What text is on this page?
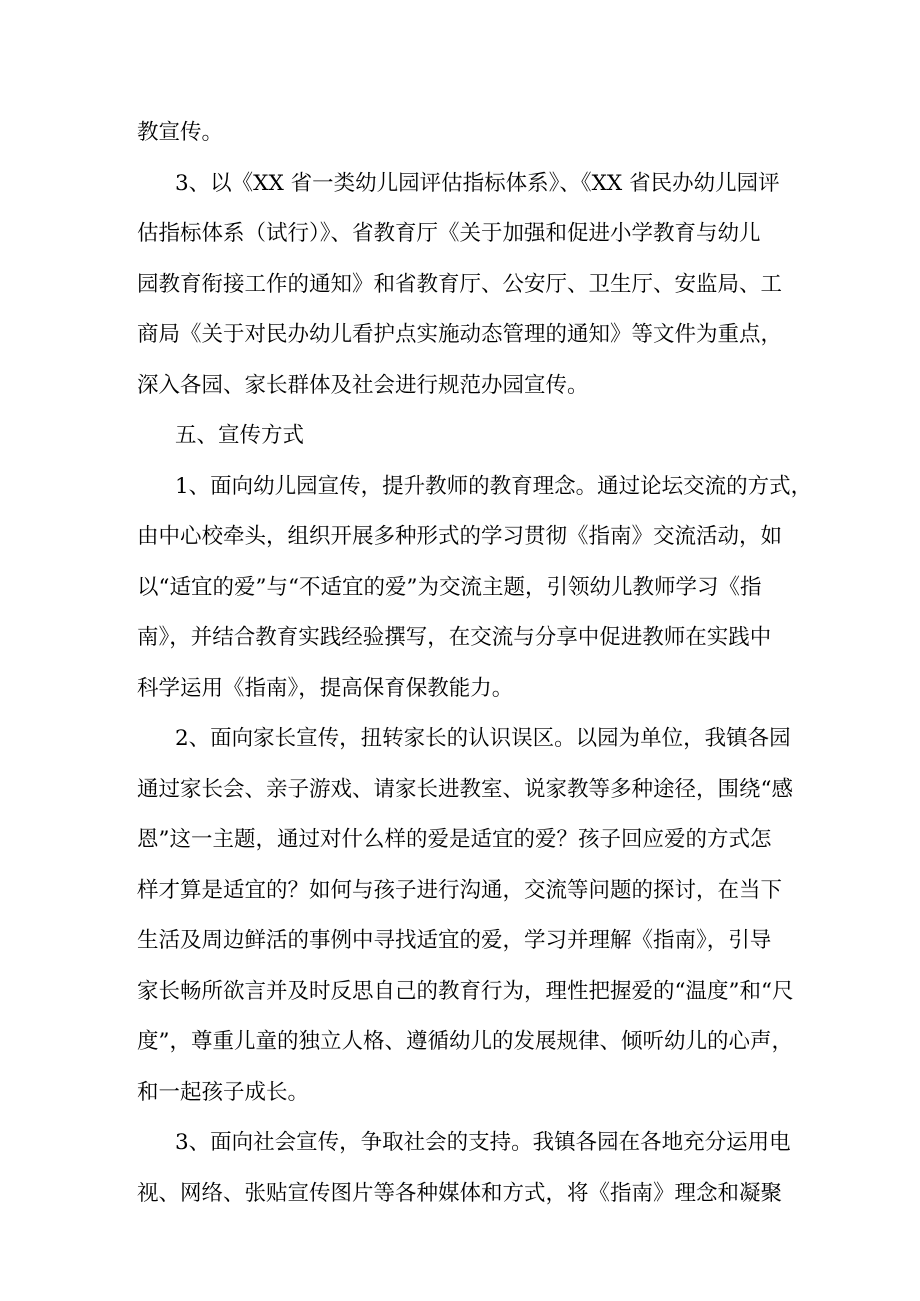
教宣传。

3、以《XX 省一类幼儿园评估指标体系》、《XX 省民办幼儿园评

估指标体系（试行）》、省教育厅《关于加强和促进小学教育与幼儿

园教育衔接工作的通知》和省教育厅、公安厅、卫生厅、安监局、工

商局《关于对民办幼儿看护点实施动态管理的通知》等文件为重点，

深入各园、家长群体及社会进行规范办园宣传。

五、宣传方式

1、面向幼儿园宣传，提升教师的教育理念。通过论坛交流的方式，

由中心校牵头，组织开展多种形式的学习贯彻《指南》交流活动，如

以“适宜的爱”与“不适宜的爱”为交流主题，引领幼儿教师学习《指

南》，并结合教育实践经验撰写，在交流与分享中促进教师在实践中

科学运用《指南》，提高保育保教能力。

2、面向家长宣传，扭转家长的认识误区。以园为单位，我镇各园

通过家长会、亲子游戏、请家长进教室、说家教等多种途径，围绕“感

恩”这一主题，通过对什么样的爱是适宜的爱？孩子回应爱的方式怎

样才算是适宜的？如何与孩子进行沟通，交流等问题的探讨，在当下

生活及周边鲜活的事例中寻找适宜的爱，学习并理解《指南》，引导

家长畅所欲言并及时反思自己的教育行为，理性把握爱的“温度”和“尺

度”，尊重儿童的独立人格、遵循幼儿的发展规律、倾听幼儿的心声，

和一起孩子成长。

3、面向社会宣传，争取社会的支持。我镇各园在各地充分运用电

视、网络、张贴宣传图片等各种媒体和方式，将《指南》理念和凝聚
